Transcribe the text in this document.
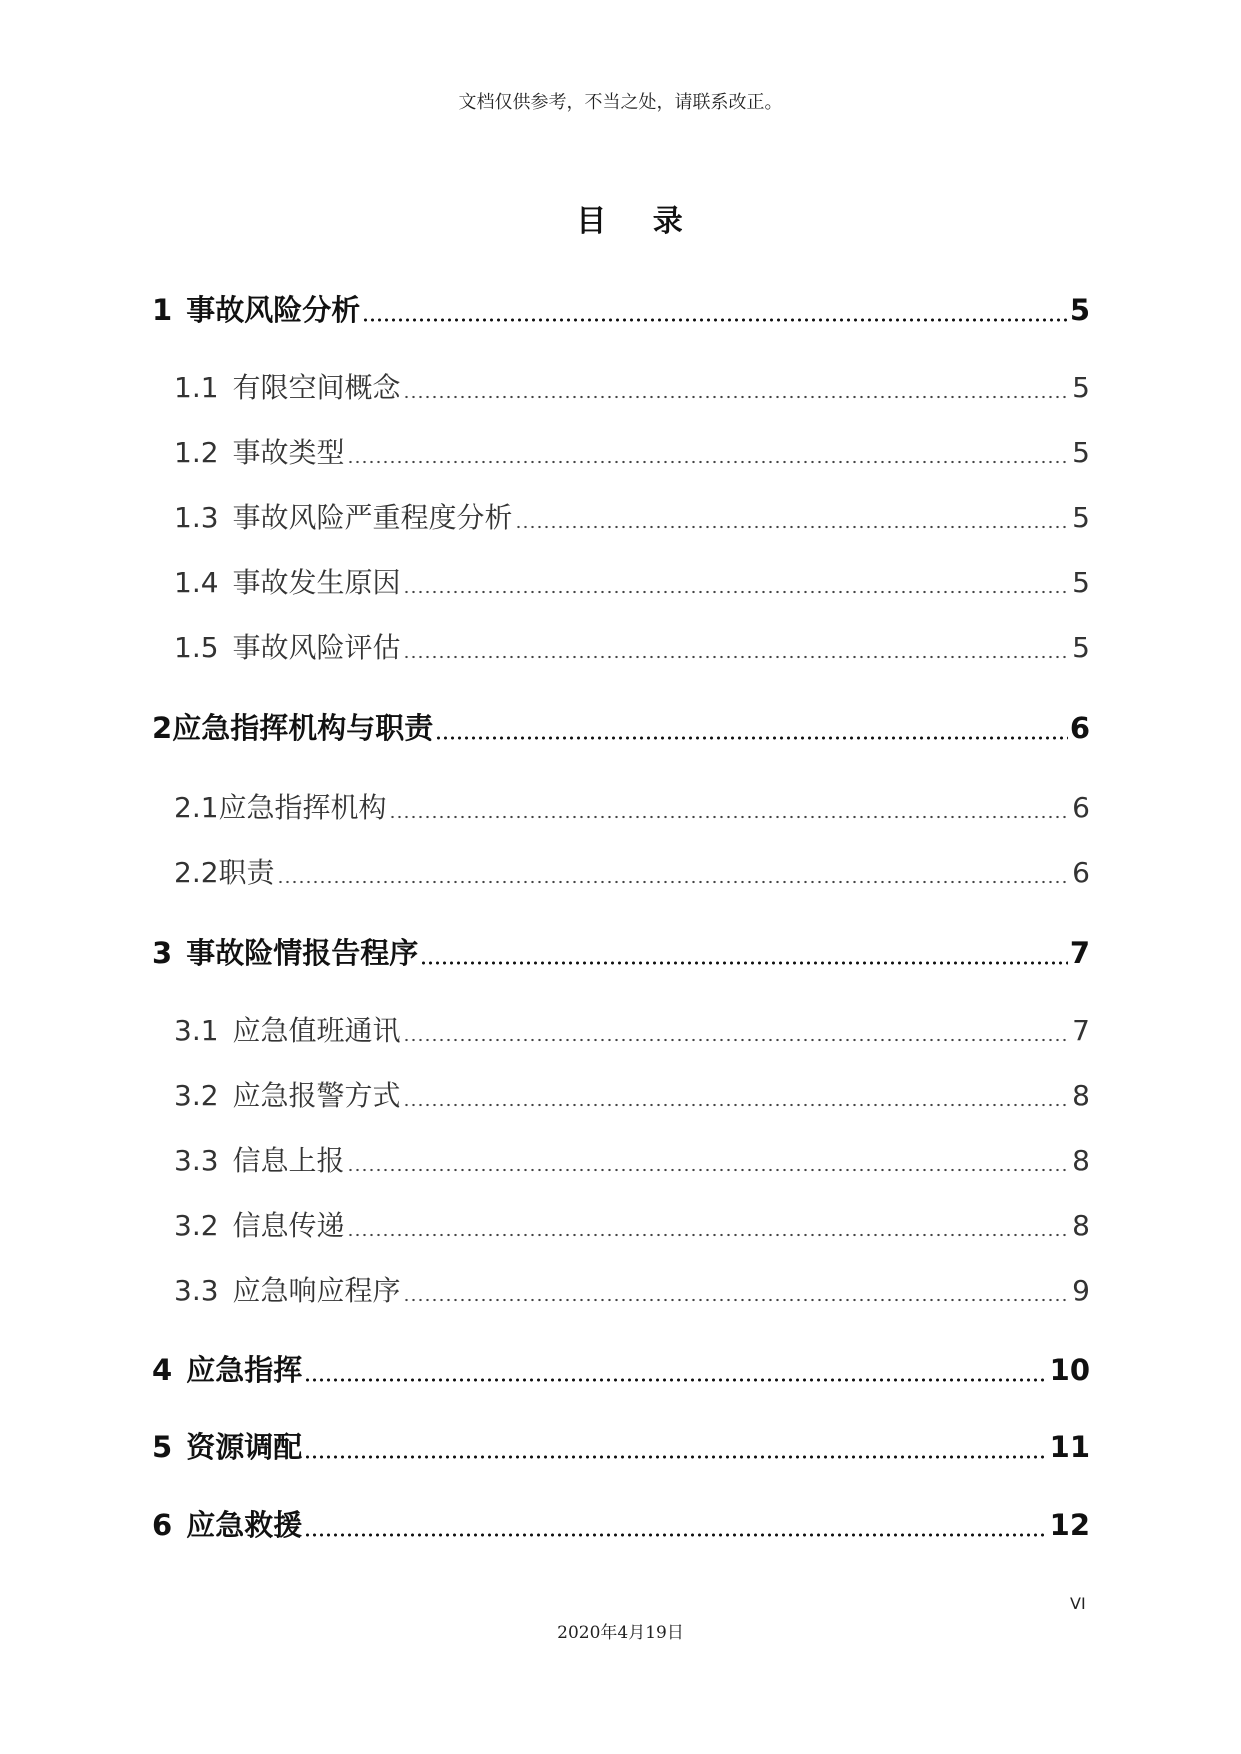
文档仅供参考，不当之处，请联系改正。
目 录
1 事故风险分析	5
1.1 有限空间概念	5
1.2 事故类型	5
1.3 事故风险严重程度分析	5
1.4 事故发生原因	5
1.5 事故风险评估	5
2 应急指挥机构与职责	6
2.1 应急指挥机构	6
2.2 职责	6
3 事故险情报告程序	7
3.1 应急值班通讯	7
3.2 应急报警方式	8
3.3 信息上报	8
3.2 信息传递	8
3.3 应急响应程序	9
4 应急指挥	10
5 资源调配	11
6 应急救援	12
VI
2020年4月19日
